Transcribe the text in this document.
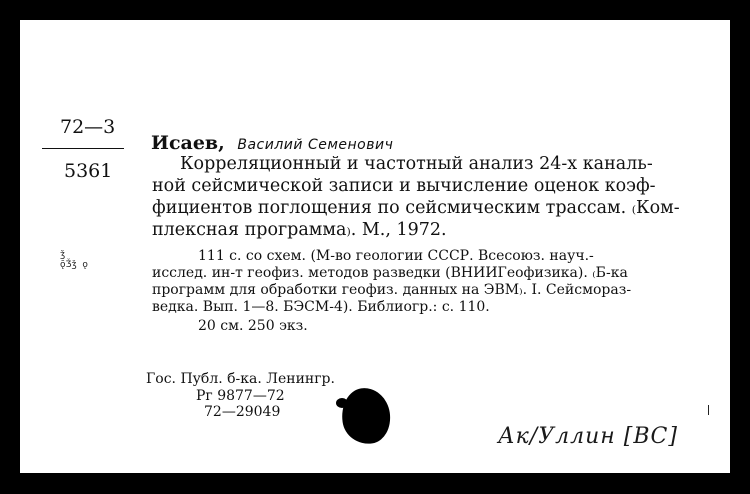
72—3
5361
Исаев, Василий Семенович
Корреляционный и частотный анализ 24-х каналь-
ной сейсмической записи и вычисление оценок коэф-
фициентов поглощения по сейсмическим трассам. ₍Ком-
плексная программа₎. М., 1972.
111 с. со схем. (М-во геологии СССР. Всесоюз. науч.-
исслед. ин-т геофиз. методов разведки (ВНИИГеофизика). ₍Б-ка
программ для обработки геофиз. данных на ЭВМ₎. I. Сейсмораз-
ведка. Вып. 1—8. БЭСМ-4). Библиогр.: с. 110.
20 см. 250 экз.
ǯ
ǭǮǯ  ǫ
Гос. Публ. б-ка. Ленингр.
Рг 9877—72
72—29049
Ак/Уллин [ВС]
